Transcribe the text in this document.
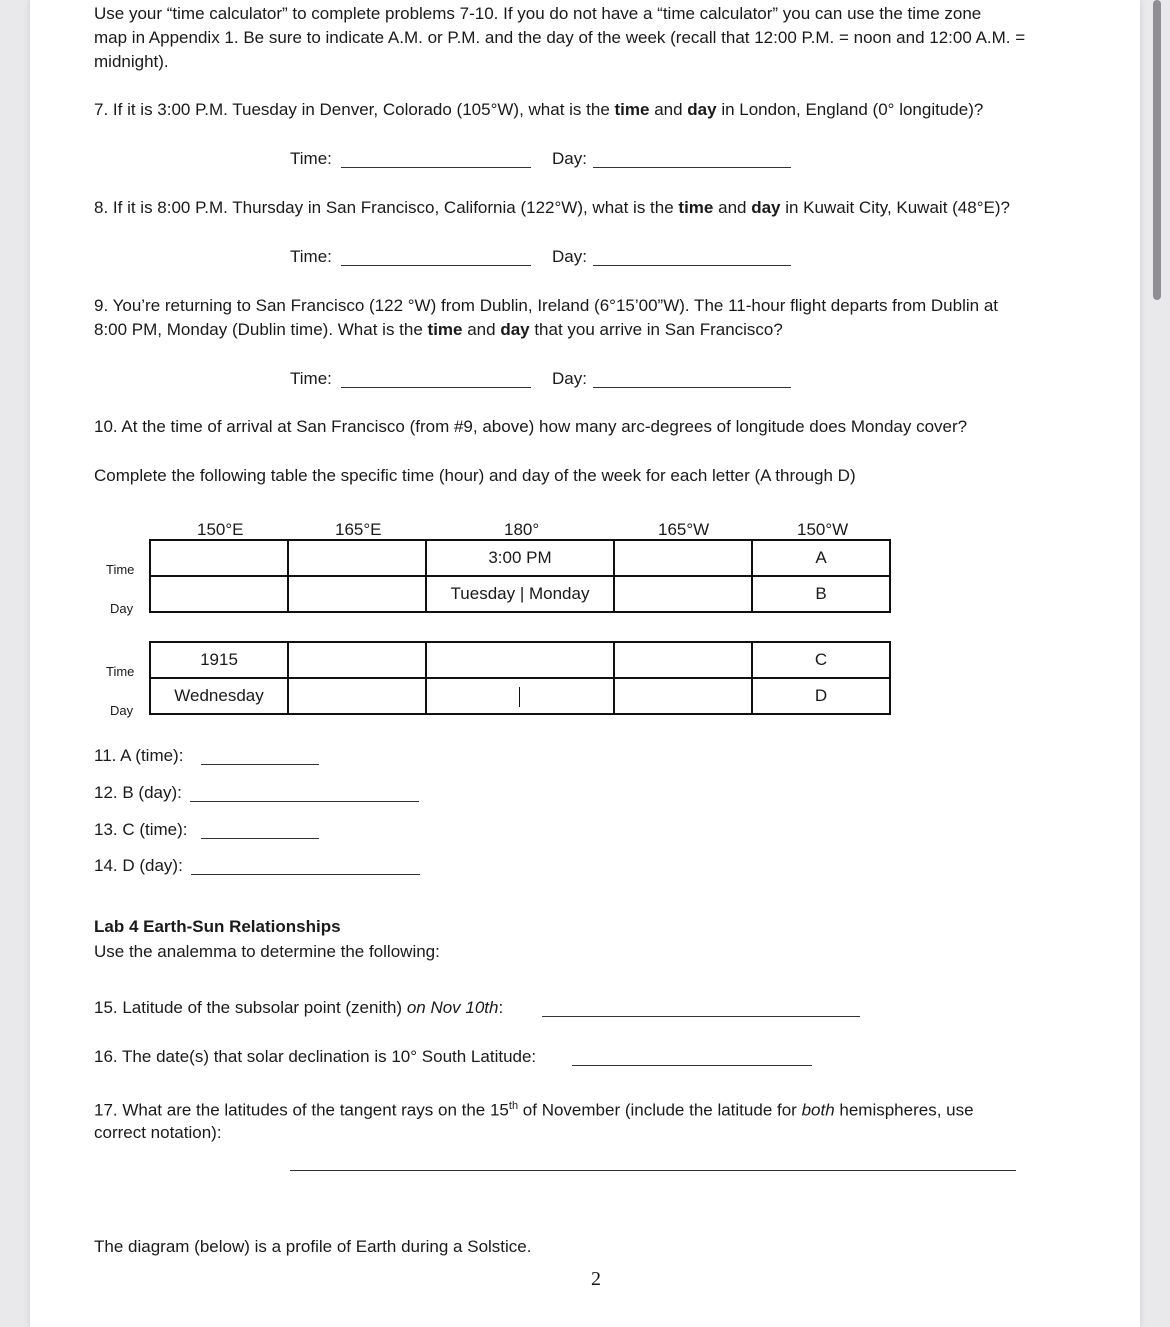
Use your “time calculator” to complete problems 7-10. If you do not have a “time calculator” you can use the time zone
map in Appendix 1. Be sure to indicate A.M. or P.M. and the day of the week (recall that 12:00 P.M. = noon and 12:00 A.M. =
midnight).
7. If it is 3:00 P.M. Tuesday in Denver, Colorado (105°W), what is the time and day in London, England (0° longitude)?
Time:	Day:
8. If it is 8:00 P.M. Thursday in San Francisco, California (122°W), what is the time and day in Kuwait City, Kuwait (48°E)?
Time:	Day:
9. You’re returning to San Francisco (122 °W) from Dublin, Ireland (6°15’00”W). The 11-hour flight departs from Dublin at
8:00 PM, Monday (Dublin time). What is the time and day that you arrive in San Francisco?
Time:	Day:
10. At the time of arrival at San Francisco (from #9, above) how many arc-degrees of longitude does Monday cover?
Complete the following table the specific time (hour) and day of the week for each letter (A through D)
150°E	165°E	180°	165°W	150°W
Time
Day
		3:00 PM		A
		Tuesday | Monday		B
Time
Day
1915				C
Wednesday				D
11. A (time):
12. B (day):
13. C (time):
14. D (day):
Lab 4 Earth-Sun Relationships
Use the analemma to determine the following:
15. Latitude of the subsolar point (zenith) on Nov 10th:
16. The date(s) that solar declination is 10° South Latitude:
17. What are the latitudes of the tangent rays on the 15th of November (include the latitude for both hemispheres, use
correct notation):
The diagram (below) is a profile of Earth during a Solstice.
2
